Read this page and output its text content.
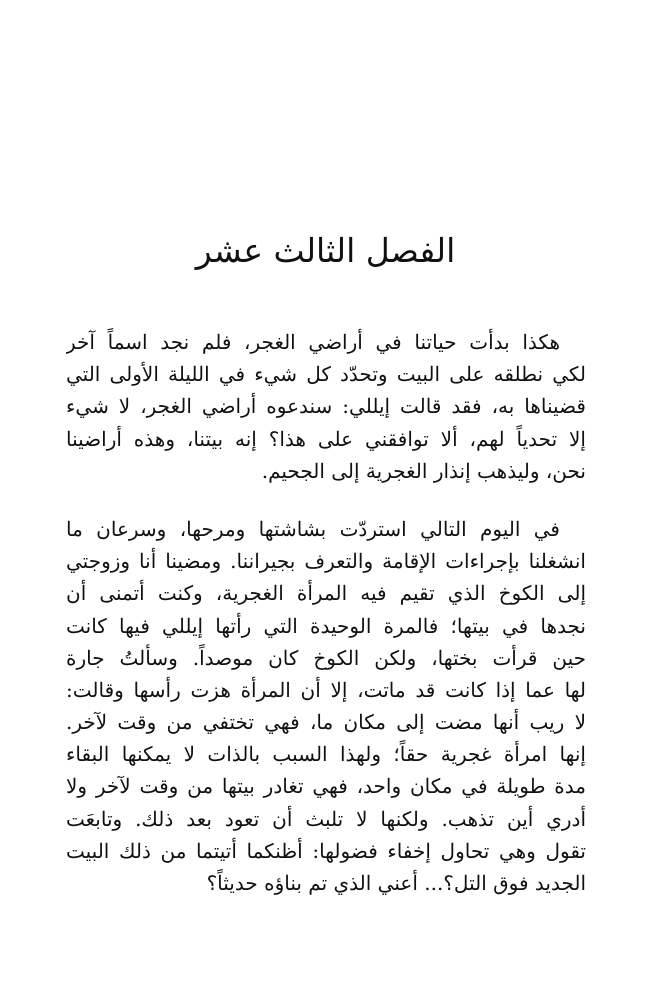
الفصل الثالث عشر
هكذا بدأت حياتنا في أراضي الغجر، فلم نجد اسماً آخر
لكي نطلقه على البيت وتحدّد كل شيء في الليلة الأولى التي
قضيناها به، فقد قالت إيللي: سندعوه أراضي الغجر، لا شيء
إلا تحدياً لهم، ألا توافقني على هذا؟ إنه بيتنا، وهذه أراضينا
نحن، وليذهب إنذار الغجرية إلى الجحيم.
في اليوم التالي استردّت بشاشتها ومرحها، وسرعان ما
انشغلنا بإجراءات الإقامة والتعرف بجيراننا. ومضينا أنا وزوجتي
إلى الكوخ الذي تقيم فيه المرأة الغجرية، وكنت أتمنى أن
نجدها في بيتها؛ فالمرة الوحيدة التي رأتها إيللي فيها كانت
حين قرأت بختها، ولكن الكوخ كان موصداً. وسألتُ جارة
لها عما إذا كانت قد ماتت، إلا أن المرأة هزت رأسها وقالت:
لا ريب أنها مضت إلى مكان ما، فهي تختفي من وقت لآخر.
إنها امرأة غجرية حقاً؛ ولهذا السبب بالذات لا يمكنها البقاء
مدة طويلة في مكان واحد، فهي تغادر بيتها من وقت لآخر ولا
أدري أين تذهب. ولكنها لا تلبث أن تعود بعد ذلك. وتابعَت
تقول وهي تحاول إخفاء فضولها: أظنكما أتيتما من ذلك البيت
الجديد فوق التل؟... أعني الذي تم بناؤه حديثاً؟
